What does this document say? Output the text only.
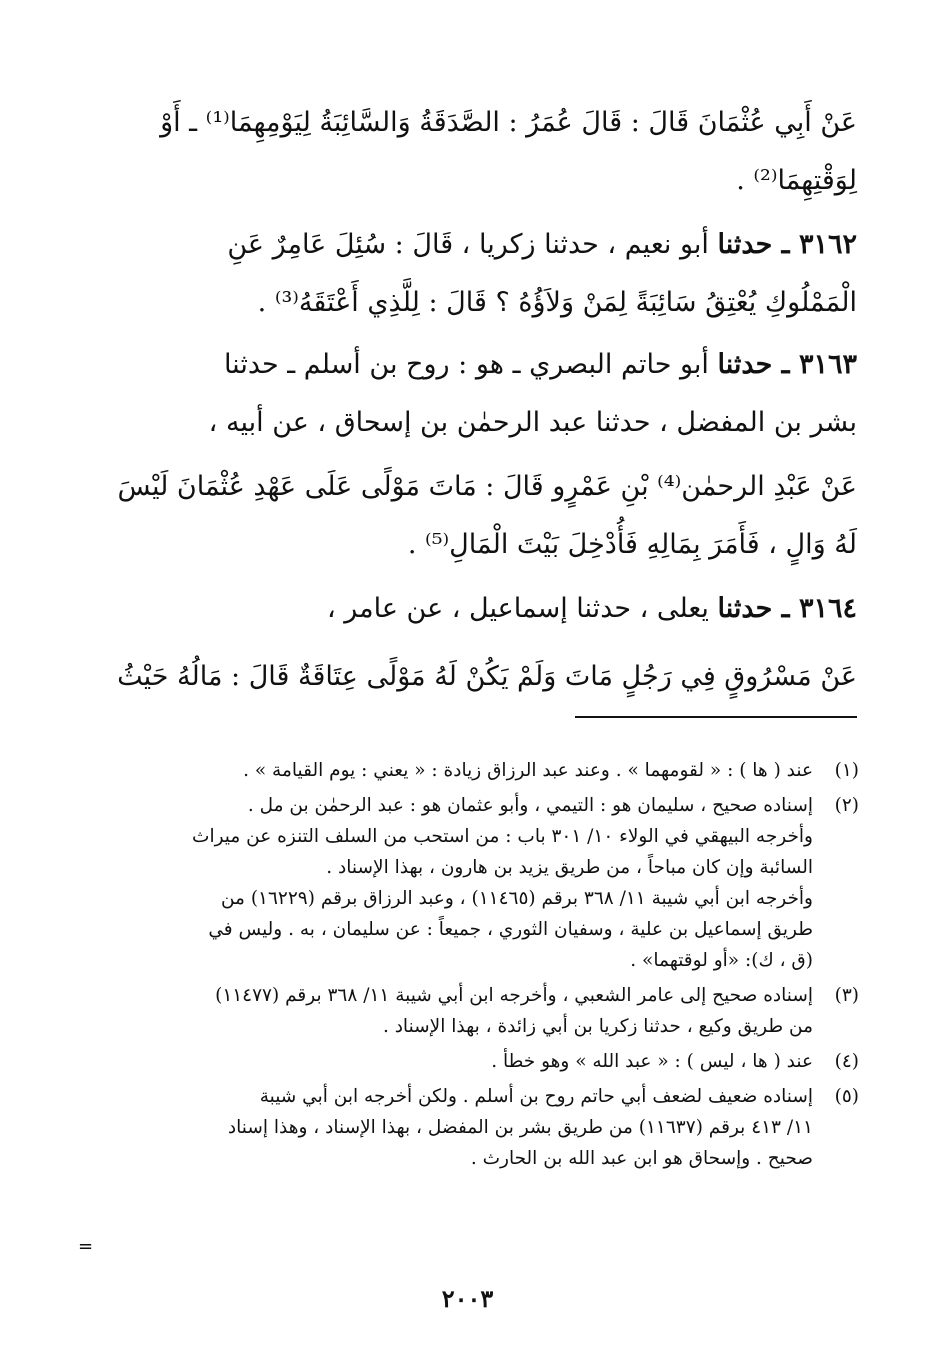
عَنْ أَبِي عُثْمَانَ قَالَ : قَالَ عُمَرُ : الصَّدَقَةُ وَالسَّائِبَةُ لِيَوْمِهِمَا⁽¹⁾ ـ أَوْ
لِوَقْتِهِمَا⁽²⁾ .
٣١٦٢ ـ حدثنا أبو نعيم ، حدثنا زكريا ، قَالَ : سُئِلَ عَامِرٌ عَنِ
الْمَمْلُوكِ يُعْتِقُ سَائِبَةً لِمَنْ وَلاَؤُهُ ؟ قَالَ : لِلَّذِي أَعْتَقَهُ⁽³⁾ .
٣١٦٣ ـ حدثنا أبو حاتم البصري ـ هو : روح بن أسلم ـ حدثنا
بشر بن المفضل ، حدثنا عبد الرحمٰن بن إسحاق ، عن أبيه ،
عَنْ عَبْدِ الرحمٰن⁽⁴⁾ بْنِ عَمْرٍو قَالَ : مَاتَ مَوْلًى عَلَى عَهْدِ عُثْمَانَ لَيْسَ
لَهُ وَالٍ ، فَأَمَرَ بِمَالِهِ فَأُدْخِلَ بَيْتَ الْمَالِ⁽⁵⁾ .
٣١٦٤ ـ حدثنا يعلى ، حدثنا إسماعيل ، عن عامر ،
عَنْ مَسْرُوقٍ فِي رَجُلٍ مَاتَ وَلَمْ يَكُنْ لَهُ مَوْلًى عِتَاقَةٌ قَالَ : مَالُهُ حَيْثُ
(١)
عند ( ها ) : « لقومهما » . وعند عبد الرزاق زيادة : « يعني : يوم القيامة » .
(٢)
إسناده صحيح ، سليمان هو : التيمي ، وأبو عثمان هو : عبد الرحمٰن بن مل .
وأخرجه البيهقي في الولاء ١٠/ ٣٠١ باب : من استحب من السلف التنزه عن ميراث
السائبة وإن كان مباحاً ، من طريق يزيد بن هارون ، بهذا الإسناد .
وأخرجه ابن أبي شيبة ١١/ ٣٦٨ برقم (١١٤٦٥) ، وعبد الرزاق برقم (١٦٢٢٩) من
طريق إسماعيل بن علية ، وسفيان الثوري ، جميعاً : عن سليمان ، به . وليس في
(ق ، ك): «أو لوقتهما» .
(٣)
إسناده صحيح إلى عامر الشعبي ، وأخرجه ابن أبي شيبة ١١/ ٣٦٨ برقم (١١٤٧٧)
من طريق وكيع ، حدثنا زكريا بن أبي زائدة ، بهذا الإسناد .
(٤)
عند ( ها ، ليس ) : « عبد الله » وهو خطأ .
(٥)
إسناده ضعيف لضعف أبي حاتم روح بن أسلم . ولكن أخرجه ابن أبي شيبة
١١/ ٤١٣ برقم (١١٦٣٧) من طريق بشر بن المفضل ، بهذا الإسناد ، وهذا إسناد
صحيح . وإسحاق هو ابن عبد الله بن الحارث .
=
٢٠٠٣
